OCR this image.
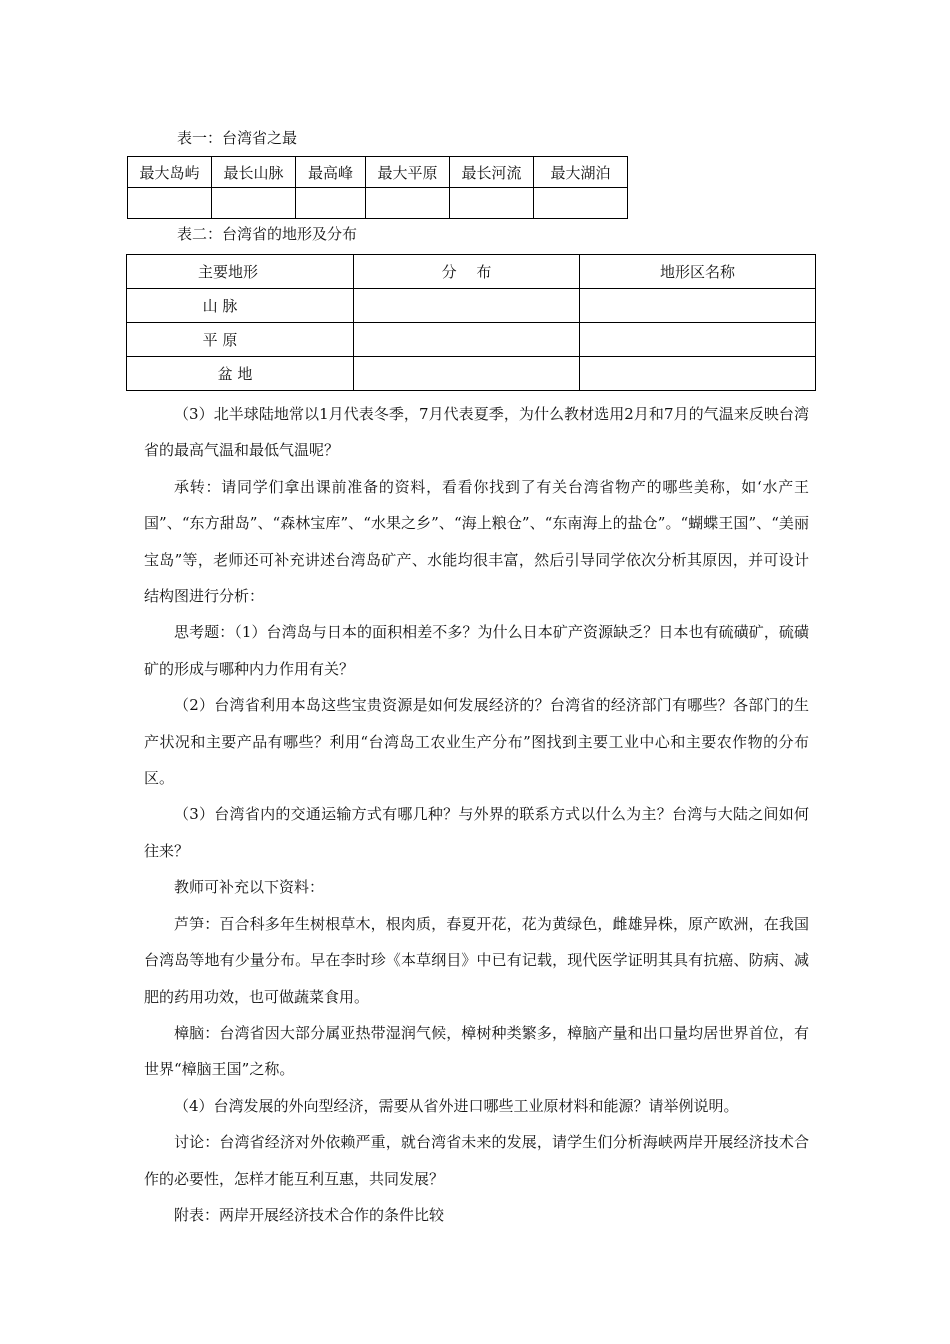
表一：台湾省之最
最大岛屿	最长山脉	最高峰	最大平原	最长河流	最大湖泊

表二：台湾省的地形及分布
主要地形	分　 布	地形区名称
山 脉		
平 原		
盆 地		

（3）北半球陆地常以1月代表冬季，7月代表夏季，为什么教材选用2月和7月的气温来反映台湾省的最高气温和最低气温呢？

承转：请同学们拿出课前准备的资料，看看你找到了有关台湾省物产的哪些美称，如‘水产王国”、“东方甜岛”、“森林宝库”、“水果之乡”、“海上粮仓”、“东南海上的盐仓”。“蝴蝶王国”、“美丽宝岛”等，老师还可补充讲述台湾岛矿产、水能均很丰富，然后引导同学依次分析其原因，并可设计结构图进行分析：

思考题：（1）台湾岛与日本的面积相差不多？为什么日本矿产资源缺乏？日本也有硫磺矿，硫磺矿的形成与哪种内力作用有关？

（2）台湾省利用本岛这些宝贵资源是如何发展经济的？台湾省的经济部门有哪些？各部门的生产状况和主要产品有哪些？利用“台湾岛工农业生产分布”图找到主要工业中心和主要农作物的分布区。

（3）台湾省内的交通运输方式有哪几种？与外界的联系方式以什么为主？台湾与大陆之间如何往来？

教师可补充以下资料：

芦笋：百合科多年生树根草木，根肉质，春夏开花，花为黄绿色，雌雄异株，原产欧洲，在我国台湾岛等地有少量分布。早在李时珍《本草纲目》中已有记载，现代医学证明其具有抗癌、防病、减肥的药用功效，也可做蔬菜食用。

樟脑：台湾省因大部分属亚热带湿润气候，樟树种类繁多，樟脑产量和出口量均居世界首位，有世界“樟脑王国”之称。

（4）台湾发展的外向型经济，需要从省外进口哪些工业原材料和能源？请举例说明。

讨论：台湾省经济对外依赖严重，就台湾省未来的发展，请学生们分析海峡两岸开展经济技术合作的必要性，怎样才能互利互惠，共同发展？

附表：两岸开展经济技术合作的条件比较
